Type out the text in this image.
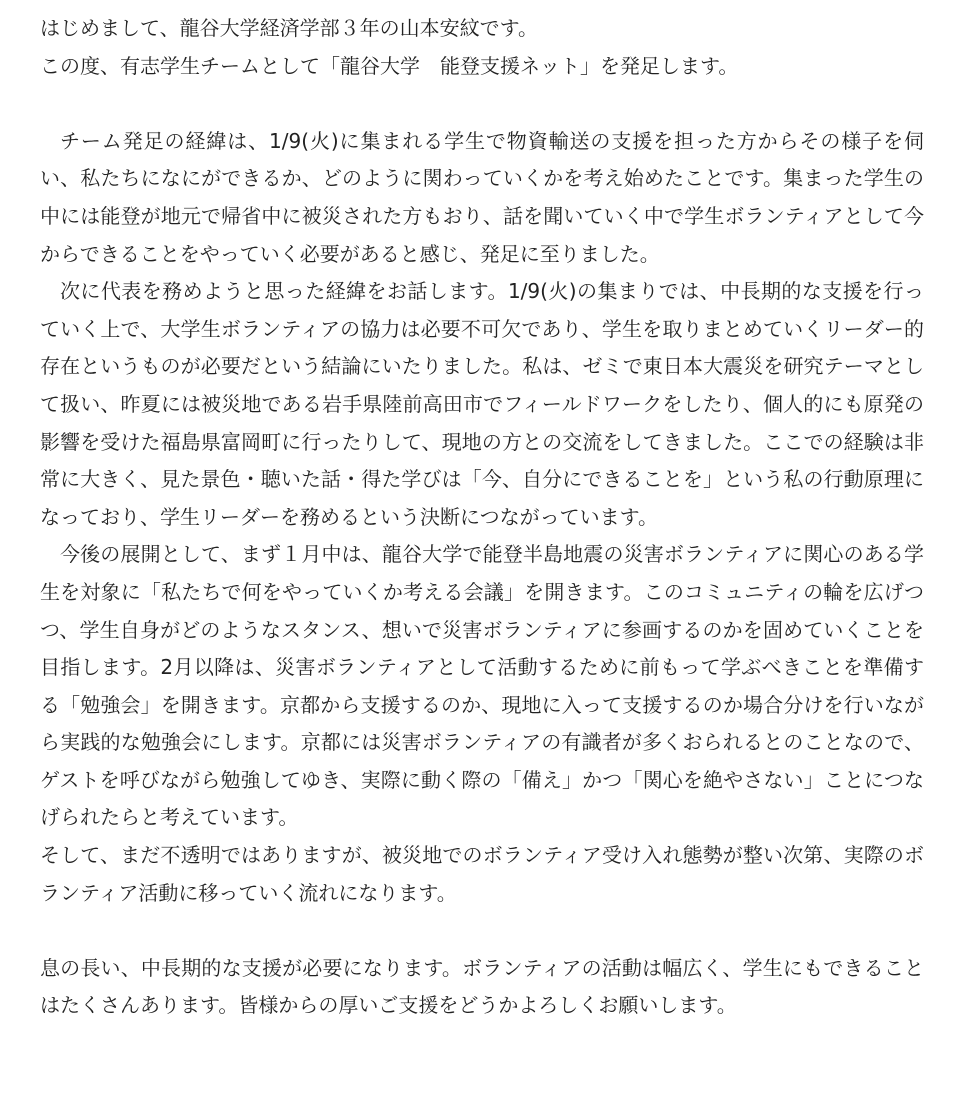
はじめまして、龍谷大学経済学部３年の山本安紋です。

この度、有志学生チームとして「龍谷大学　能登支援ネット」を発足します。

チーム発足の経緯は、1/9(火)に集まれる学生で物資輸送の支援を担った方からその様子を伺い、私たちになにができるか、どのように関わっていくかを考え始めたことです。集まった学生の中には能登が地元で帰省中に被災された方もおり、話を聞いていく中で学生ボランティアとして今からできることをやっていく必要があると感じ、発足に至りました。

次に代表を務めようと思った経緯をお話します。1/9(火)の集まりでは、中長期的な支援を行っていく上で、大学生ボランティアの協力は必要不可欠であり、学生を取りまとめていくリーダー的存在というものが必要だという結論にいたりました。私は、ゼミで東日本大震災を研究テーマとして扱い、昨夏には被災地である岩手県陸前高田市でフィールドワークをしたり、個人的にも原発の影響を受けた福島県富岡町に行ったりして、現地の方との交流をしてきました。ここでの経験は非常に大きく、見た景色・聴いた話・得た学びは「今、自分にできることを」という私の行動原理になっており、学生リーダーを務めるという決断につながっています。

今後の展開として、まず１月中は、龍谷大学で能登半島地震の災害ボランティアに関心のある学生を対象に「私たちで何をやっていくか考える会議」を開きます。このコミュニティの輪を広げつつ、学生自身がどのようなスタンス、想いで災害ボランティアに参画するのかを固めていくことを目指します。2月以降は、災害ボランティアとして活動するために前もって学ぶべきことを準備する「勉強会」を開きます。京都から支援するのか、現地に入って支援するのか場合分けを行いながら実践的な勉強会にします。京都には災害ボランティアの有識者が多くおられるとのことなので、ゲストを呼びながら勉強してゆき、実際に動く際の「備え」かつ「関心を絶やさない」ことにつなげられたらと考えています。

そして、まだ不透明ではありますが、被災地でのボランティア受け入れ態勢が整い次第、実際のボランティア活動に移っていく流れになります。

息の長い、中長期的な支援が必要になります。ボランティアの活動は幅広く、学生にもできることはたくさんあります。皆様からの厚いご支援をどうかよろしくお願いします。
